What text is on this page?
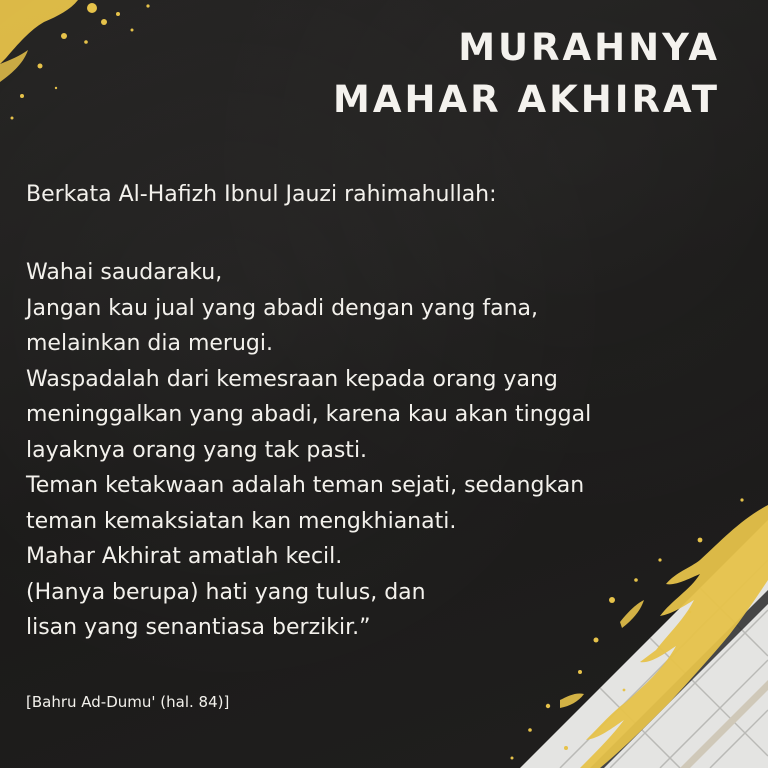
MURAHNYA
MAHAR AKHIRAT
Berkata Al-Hafizh Ibnul Jauzi rahimahullah:
Wahai saudaraku,
Jangan kau jual yang abadi dengan yang fana,
melainkan dia merugi.
Waspadalah dari kemesraan kepada orang yang
meninggalkan yang abadi, karena kau akan tinggal
layaknya orang yang tak pasti.
Teman ketakwaan adalah teman sejati, sedangkan
teman kemaksiatan kan mengkhianati.
Mahar Akhirat amatlah kecil.
(Hanya berupa) hati yang tulus, dan
lisan yang senantiasa berzikir.”
[Bahru Ad-Dumu' (hal. 84)]
